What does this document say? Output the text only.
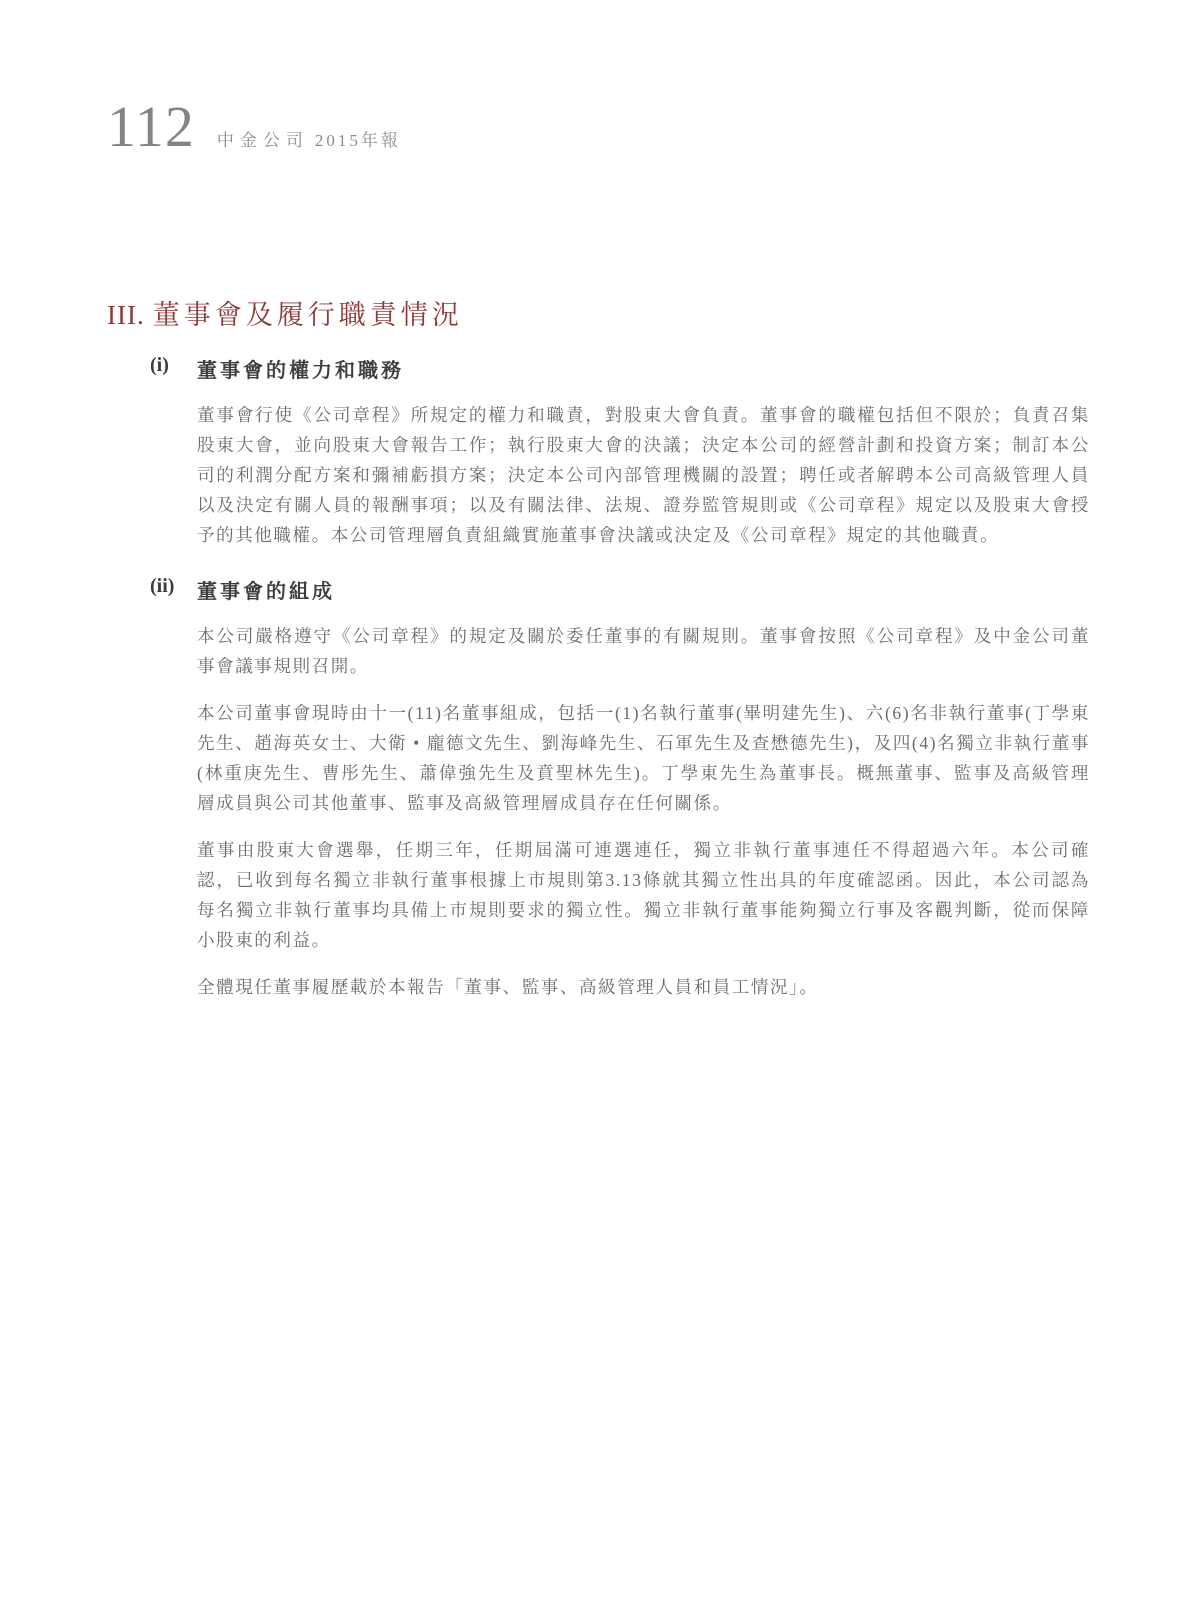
112 中金公司 2015年報
III. 董事會及履行職責情況
(i)	董事會的權力和職務

董事會行使《公司章程》所規定的權力和職責，對股東大會負責。董事會的職權包括但不限於；負責召集股東大會，並向股東大會報告工作；執行股東大會的決議；決定本公司的經營計劃和投資方案；制訂本公司的利潤分配方案和彌補虧損方案；決定本公司內部管理機關的設置；聘任或者解聘本公司高級管理人員以及決定有關人員的報酬事項；以及有關法律、法規、證券監管規則或《公司章程》規定以及股東大會授予的其他職權。本公司管理層負責組織實施董事會決議或決定及《公司章程》規定的其他職責。

(ii)	董事會的組成

本公司嚴格遵守《公司章程》的規定及關於委任董事的有關規則。董事會按照《公司章程》及中金公司董事會議事規則召開。

本公司董事會現時由十一(11)名董事組成，包括一(1)名執行董事(畢明建先生)、六(6)名非執行董事(丁學東先生、趙海英女士、大衛 • 龐德文先生、劉海峰先生、石軍先生及查懋德先生)，及四(4)名獨立非執行董事(林重庚先生、曹彤先生、蕭偉強先生及賁聖林先生)。丁學東先生為董事長。概無董事、監事及高級管理層成員與公司其他董事、監事及高級管理層成員存在任何關係。

董事由股東大會選舉，任期三年，任期屆滿可連選連任，獨立非執行董事連任不得超過六年。本公司確認，已收到每名獨立非執行董事根據上市規則第3.13條就其獨立性出具的年度確認函。因此，本公司認為每名獨立非執行董事均具備上市規則要求的獨立性。獨立非執行董事能夠獨立行事及客觀判斷，從而保障小股東的利益。

全體現任董事履歷載於本報告「董事、監事、高級管理人員和員工情況」。
